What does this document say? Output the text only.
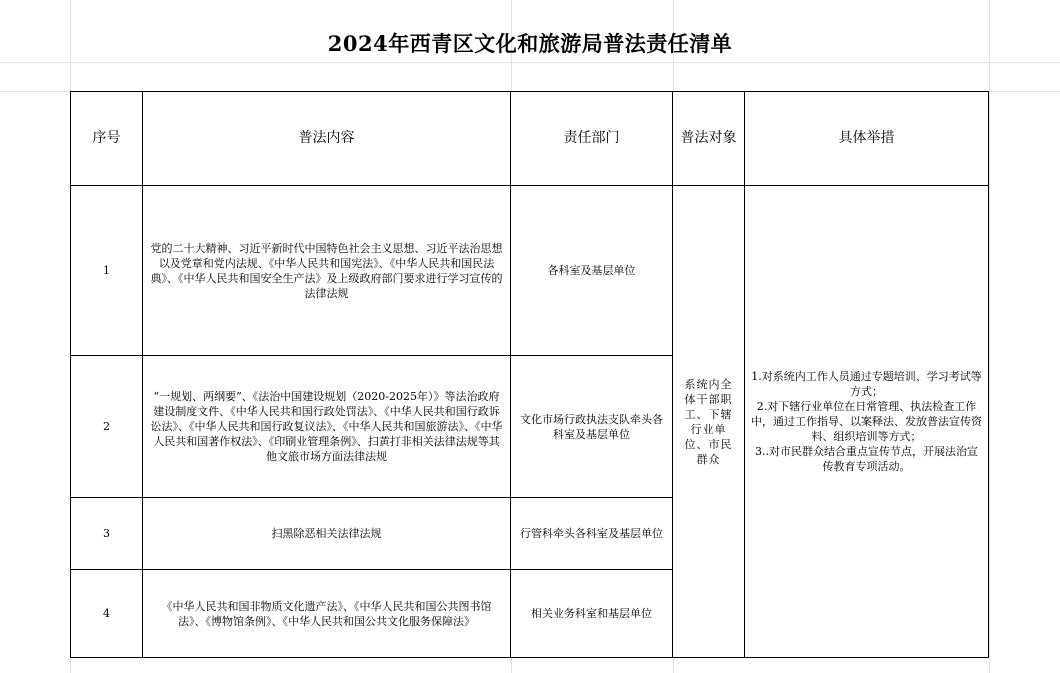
2024年西青区文化和旅游局普法责任清单
序号	普法内容	责任部门	普法对象	具体举措
1	党的二十大精神、习近平新时代中国特色社会主义思想、习近平法治思想以及党章和党内法规、《中华人民共和国宪法》、《中华人民共和国民法典》、《中华人民共和国安全生产法》及上级政府部门要求进行学习宣传的法律法规	各科室及基层单位	系统内全体干部职工、下辖行业单位、市民群众	1.对系统内工作人员通过专题培训、学习考试等方式；
2.对下辖行业单位在日常管理、执法检查工作中，通过工作指导、以案释法、发放普法宣传资料、组织培训等方式；
3..对市民群众结合重点宣传节点，开展法治宣传教育专项活动。

2	“一规划、两纲要”、《法治中国建设规划（2020-2025年）》等法治政府建设制度文件、《中华人民共和国行政处罚法》、《中华人民共和国行政诉讼法》、《中华人民共和国行政复议法》、《中华人民共和国旅游法》、《中华人民共和国著作权法》、《印刷业管理条例》、扫黄打非相关法律法规等其他文旅市场方面法律法规	文化市场行政执法支队牵头各科室及基层单位		
3	扫黑除恶相关法律法规	行管科牵头各科室及基层单位		
4	《中华人民共和国非物质文化遗产法》、《中华人民共和国公共图书馆法》、《博物馆条例》、《中华人民共和国公共文化服务保障法》	相关业务科室和基层单位		
